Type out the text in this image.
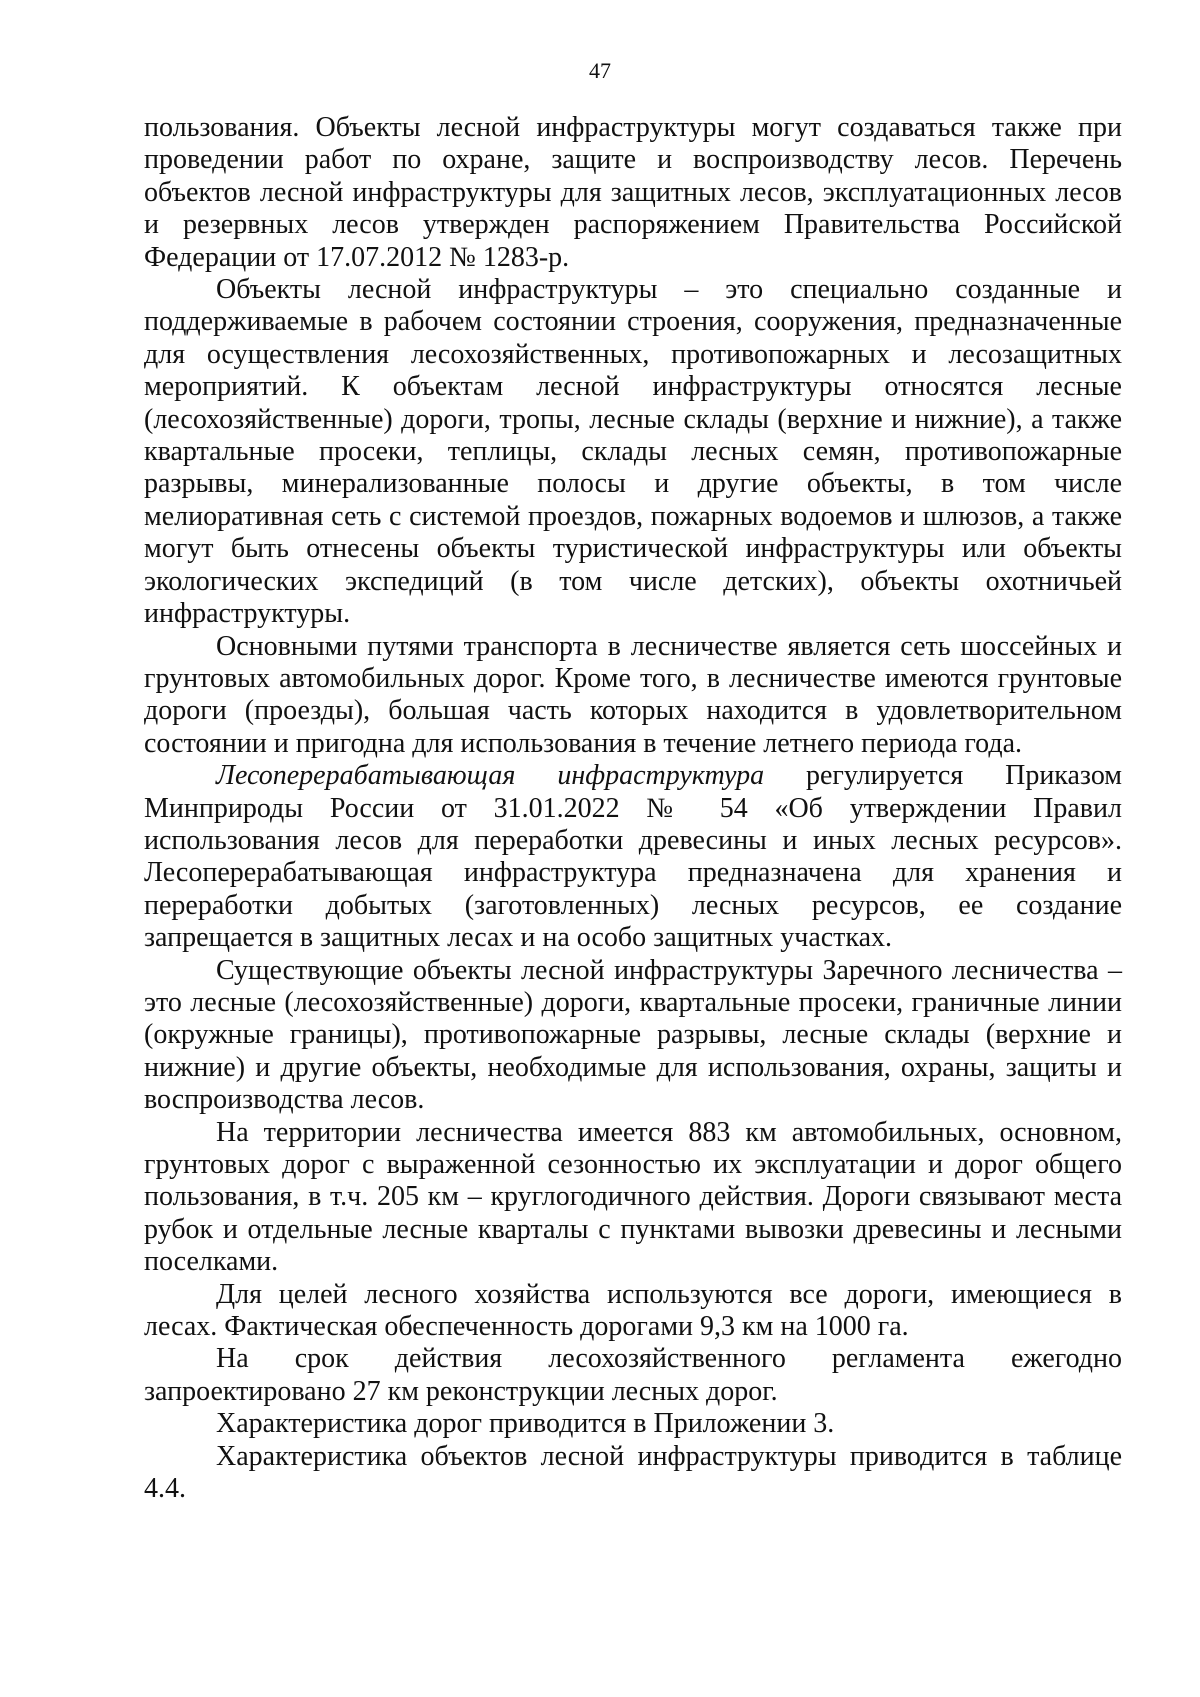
47

пользования. Объекты лесной инфраструктуры могут создаваться также при проведении работ по охране, защите и воспроизводству лесов. Перечень объектов лесной инфраструктуры для защитных лесов, эксплуатационных лесов и резервных лесов утвержден распоряжением Правительства Российской Федерации от 17.07.2012 № 1283-р.

Объекты лесной инфраструктуры – это специально созданные и поддерживаемые в рабочем состоянии строения, сооружения, предназначенные для осуществления лесохозяйственных, противопожарных и лесозащитных мероприятий. К объектам лесной инфраструктуры относятся лесные (лесохозяйственные) дороги, тропы, лесные склады (верхние и нижние), а также квартальные просеки, теплицы, склады лесных семян, противопожарные разрывы, минерализованные полосы и другие объекты, в том числе мелиоративная сеть с системой проездов, пожарных водоемов и шлюзов, а также могут быть отнесены объекты туристической инфраструктуры или объекты экологических экспедиций (в том числе детских), объекты охотничьей инфраструктуры.

Основными путями транспорта в лесничестве является сеть шоссейных и грунтовых автомобильных дорог. Кроме того, в лесничестве имеются грунтовые дороги (проезды), большая часть которых находится в удовлетворительном состоянии и пригодна для использования в течение летнего периода года.

Лесоперерабатывающая инфраструктура регулируется Приказом Минприроды России от 31.01.2022 № 54 «Об утверждении Правил использования лесов для переработки древесины и иных лесных ресурсов». Лесоперерабатывающая инфраструктура предназначена для хранения и переработки добытых (заготовленных) лесных ресурсов, ее создание запрещается в защитных лесах и на особо защитных участках.

Существующие объекты лесной инфраструктуры Заречного лесничества – это лесные (лесохозяйственные) дороги, квартальные просеки, граничные линии (окружные границы), противопожарные разрывы, лесные склады (верхние и нижние) и другие объекты, необходимые для использования, охраны, защиты и воспроизводства лесов.

На территории лесничества имеется 883 км автомобильных, основном, грунтовых дорог с выраженной сезонностью их эксплуатации и дорог общего пользования, в т.ч. 205 км – круглогодичного действия. Дороги связывают места рубок и отдельные лесные кварталы с пунктами вывозки древесины и лесными поселками.

Для целей лесного хозяйства используются все дороги, имеющиеся в лесах. Фактическая обеспеченность дорогами 9,3 км на 1000 га.

На срок действия лесохозяйственного регламента ежегодно запроектировано 27 км реконструкции лесных дорог.

Характеристика дорог приводится в Приложении 3.

Характеристика объектов лесной инфраструктуры приводится в таблице 4.4.
